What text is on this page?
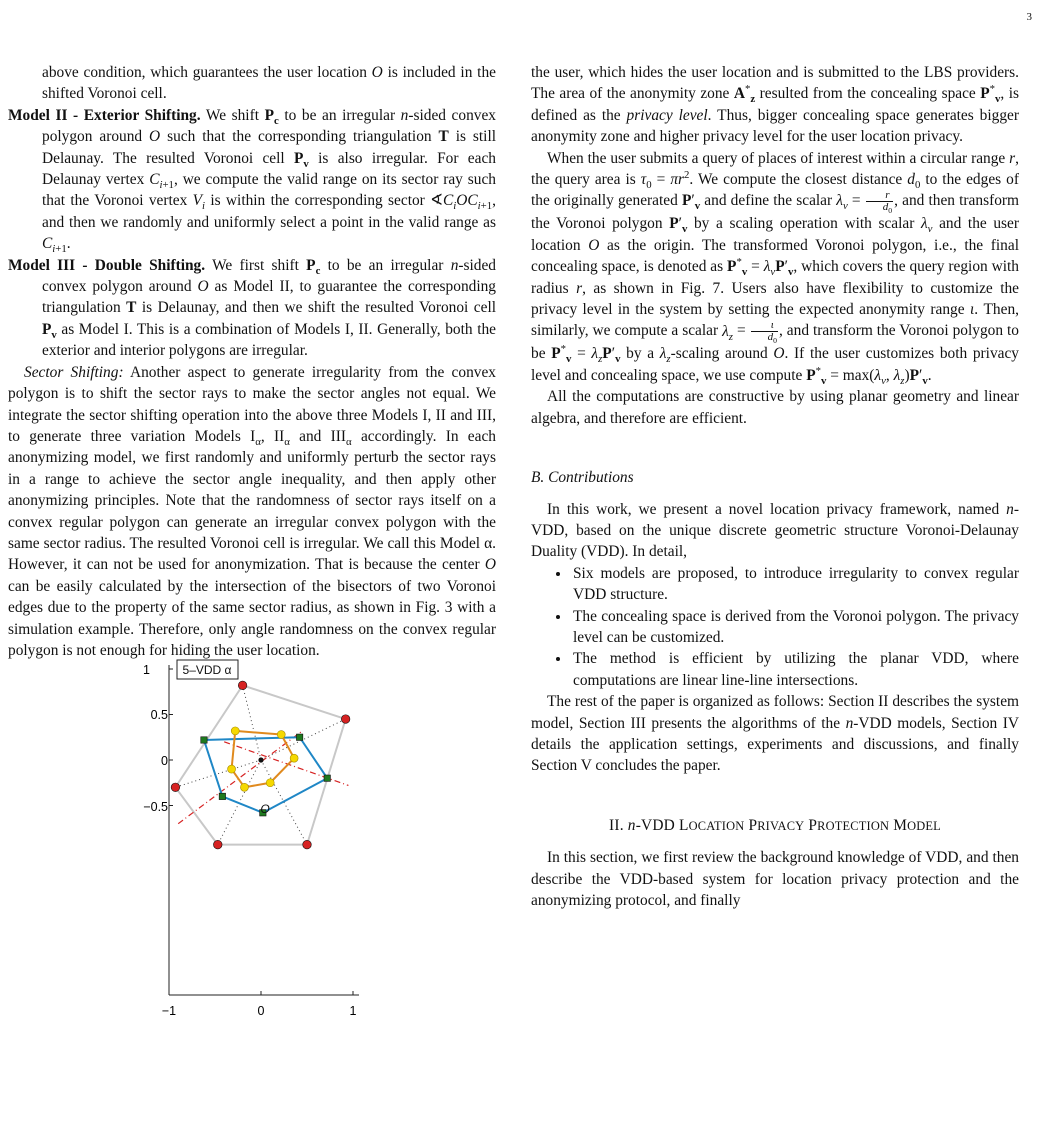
3

above condition, which guarantees the user location O is included in the shifted Voronoi cell.

Model II - Exterior Shifting. We shift $P_c$ to be an irregular n-sided convex polygon around O such that the corresponding triangulation T is still Delaunay. The resulted Voronoi cell $P_v$ is also irregular. For each Delaunay vertex $C_{i+1}$, we compute the valid range on its sector ray such that the Voronoi vertex $V_i$ is within the corresponding sector $∢C_iOC_{i+1}$, and then we randomly and uniformly select a point in the valid range as $C_{i+1}$.

Model III - Double Shifting. We first shift $P_c$ to be an irregular n-sided convex polygon around O as Model II, to guarantee the corresponding triangulation T is Delaunay, and then we shift the resulted Voronoi cell $P_v$ as Model I. This is a combination of Models I, II. Generally, both the exterior and interior polygons are irregular.

Sector Shifting: Another aspect to generate irregularity from the convex polygon is to shift the sector rays to make the sector angles not equal. We integrate the sector shifting operation into the above three Models I, II and III, to generate three variation Models $I_\alpha$, $II_\alpha$ and $III_\alpha$ accordingly. In each anonymizing model, we first randomly and uniformly perturb the sector rays in a range to achieve the sector angle inequality, and then apply other anonymizing principles. Note that the randomness of sector rays itself on a convex regular polygon can generate an irregular convex polygon with the same sector radius. The resulted Voronoi cell is irregular. We call this Model α. However, it can not be used for anonymization. That is because the center O can be easily calculated by the intersection of the bisectors of two Voronoi edges due to the property of the same sector radius, as shown in Fig. 3 with a simulation example. Therefore, only angle randomness on the convex regular polygon is not enough for hiding the user location.

5–VDD α
O
−1	0	1
1
0.5
0
−0.5

the user, which hides the user location and is submitted to the LBS providers. The area of the anonymity zone $A^*_z$ resulted from the concealing space $P^*_v$, is defined as the privacy level. Thus, bigger concealing space generates bigger anonymity zone and higher privacy level for the user location privacy.

When the user submits a query of places of interest within a circular range r, the query area is $\tau_0 = \pi r^2$. We compute the closest distance $d_0$ to the edges of the originally generated $P'_v$ and define the scalar $\lambda_v = \frac{r}{d_0}$ , and then transform the Voronoi polygon $P'_v$ by a scaling operation with scalar $\lambda_v$ and the user location O as the origin. The transformed Voronoi polygon, i.e., the final concealing space, is denoted as $P^*_v = \lambda_vP'_v$, which covers the query region with radius r, as shown in Fig. 7. Users also have flexibility to customize the privacy level in the system by setting the expected anonymity range ι. Then, similarly, we compute a scalar $\lambda_z = \frac{\iota}{d_0}$ , and transform the Voronoi polygon to be $P^*_v = \lambda_zP'_v$ by a $\lambda_z$-scaling around O. If the user customizes both privacy level and concealing space, we use compute $P^*_v = \max(\lambda_v$, $\lambda_z)P'_v$.

All the computations are constructive by using planar geometry and linear algebra, and therefore are efficient.

B. Contributions

In this work, we present a novel location privacy framework, named n-VDD, based on the unique discrete geometric structure Voronoi-Delaunay Duality (VDD). In detail,

• Six models are proposed, to introduce irregularity to convex regular VDD structure.
• The concealing space is derived from the Voronoi polygon. The privacy level can be customized.
• The method is efficient by utilizing the planar VDD, where computations are linear line-line intersections.

The rest of the paper is organized as follows: Section II describes the system model, Section III presents the algorithms of the n-VDD models, Section IV details the application settings, experiments and discussions, and finally Section V concludes the paper.

II. n-VDD LOCATION PRIVACY PROTECTION MODEL

In this section, we first review the background knowledge of VDD, and then describe the VDD-based system for location privacy protection and the anonymizing protocol, and finally
